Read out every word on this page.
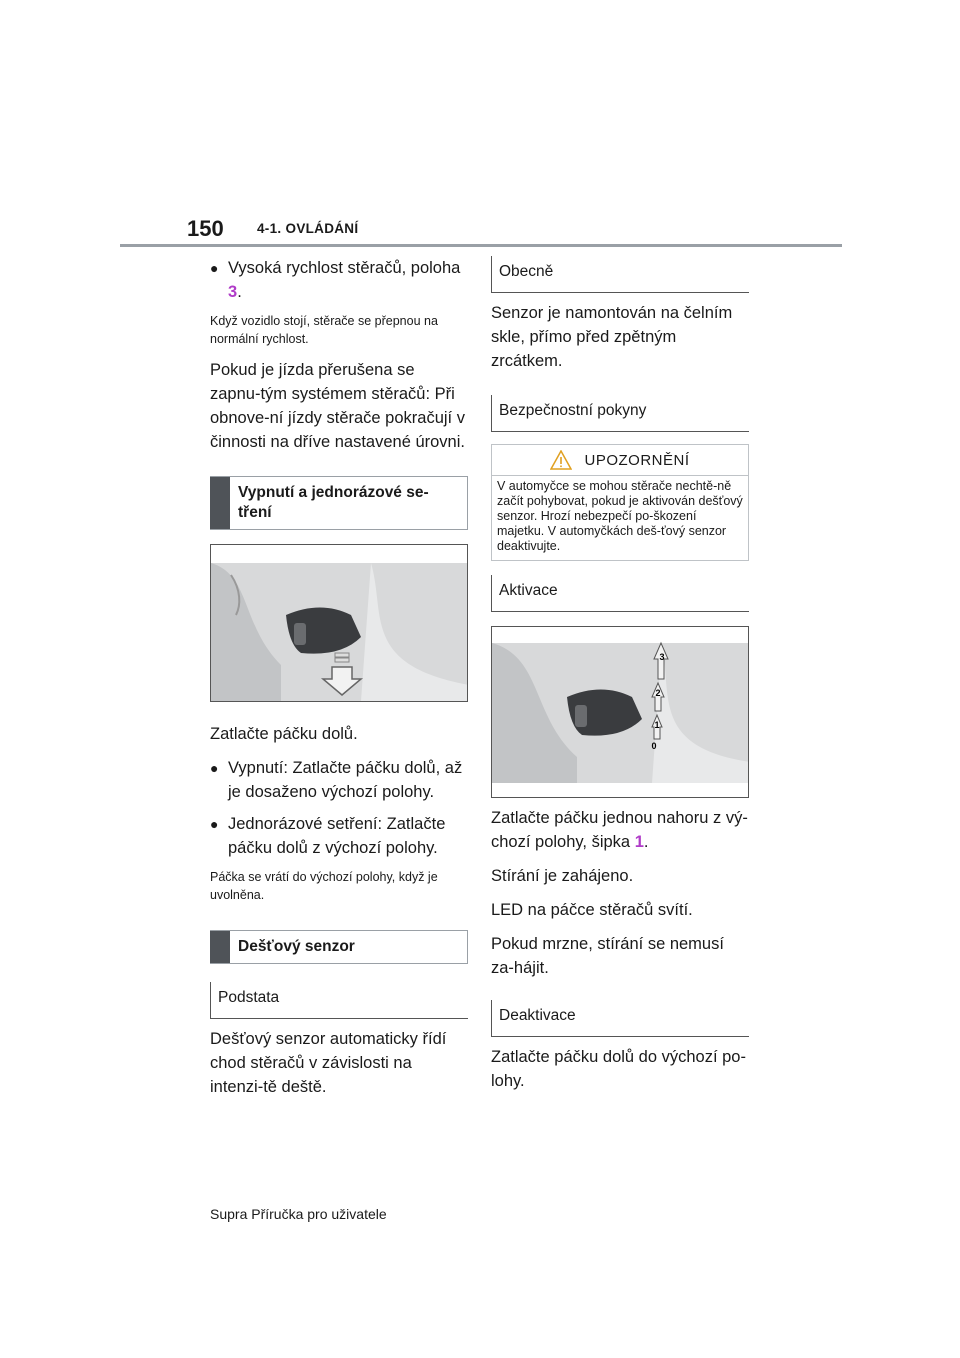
150 4-1. OVLÁDÁNÍ
● Vysoká rychlost stěračů, poloha
3.

Když vozidlo stojí, stěrače se přepnou na normální rychlost.

Pokud je jízda přerušena se zapnu-tým systémem stěračů: Při obnove-ní jízdy stěrače pokračují v činnosti na dříve nastavené úrovni.

Vypnutí a jednorázové se-tření

Zatlačte páčku dolů.

● Vypnutí: Zatlačte páčku dolů, až je dosaženo výchozí polohy.
● Jednorázové setření: Zatlačte páčku dolů z výchozí polohy.

Páčka se vrátí do výchozí polohy, když je uvolněna.

Dešťový senzor
Podstata

Dešťový senzor automaticky řídí chod stěračů v závislosti na intenzi-tě deště.

Obecně

Senzor je namontován na čelním skle, přímo před zpětným zrcátkem.

Bezpečnostní pokyny
UPOZORNĚNÍ
V automyčce se mohou stěrače nechtě-ně začít pohybovat, pokud je aktivován dešťový senzor. Hrozí nebezpečí po-škození majetku. V automyčkách deš-ťový senzor deaktivujte.
Aktivace
3
2
1
0

Zatlačte páčku jednou nahoru z vý-chozí polohy, šipka 1.

Stírání je zahájeno.

LED na páčce stěračů svítí.

Pokud mrzne, stírání se nemusí za-hájit.

Deaktivace

Zatlačte páčku dolů do výchozí po-lohy.

Supra Příručka pro uživatele
